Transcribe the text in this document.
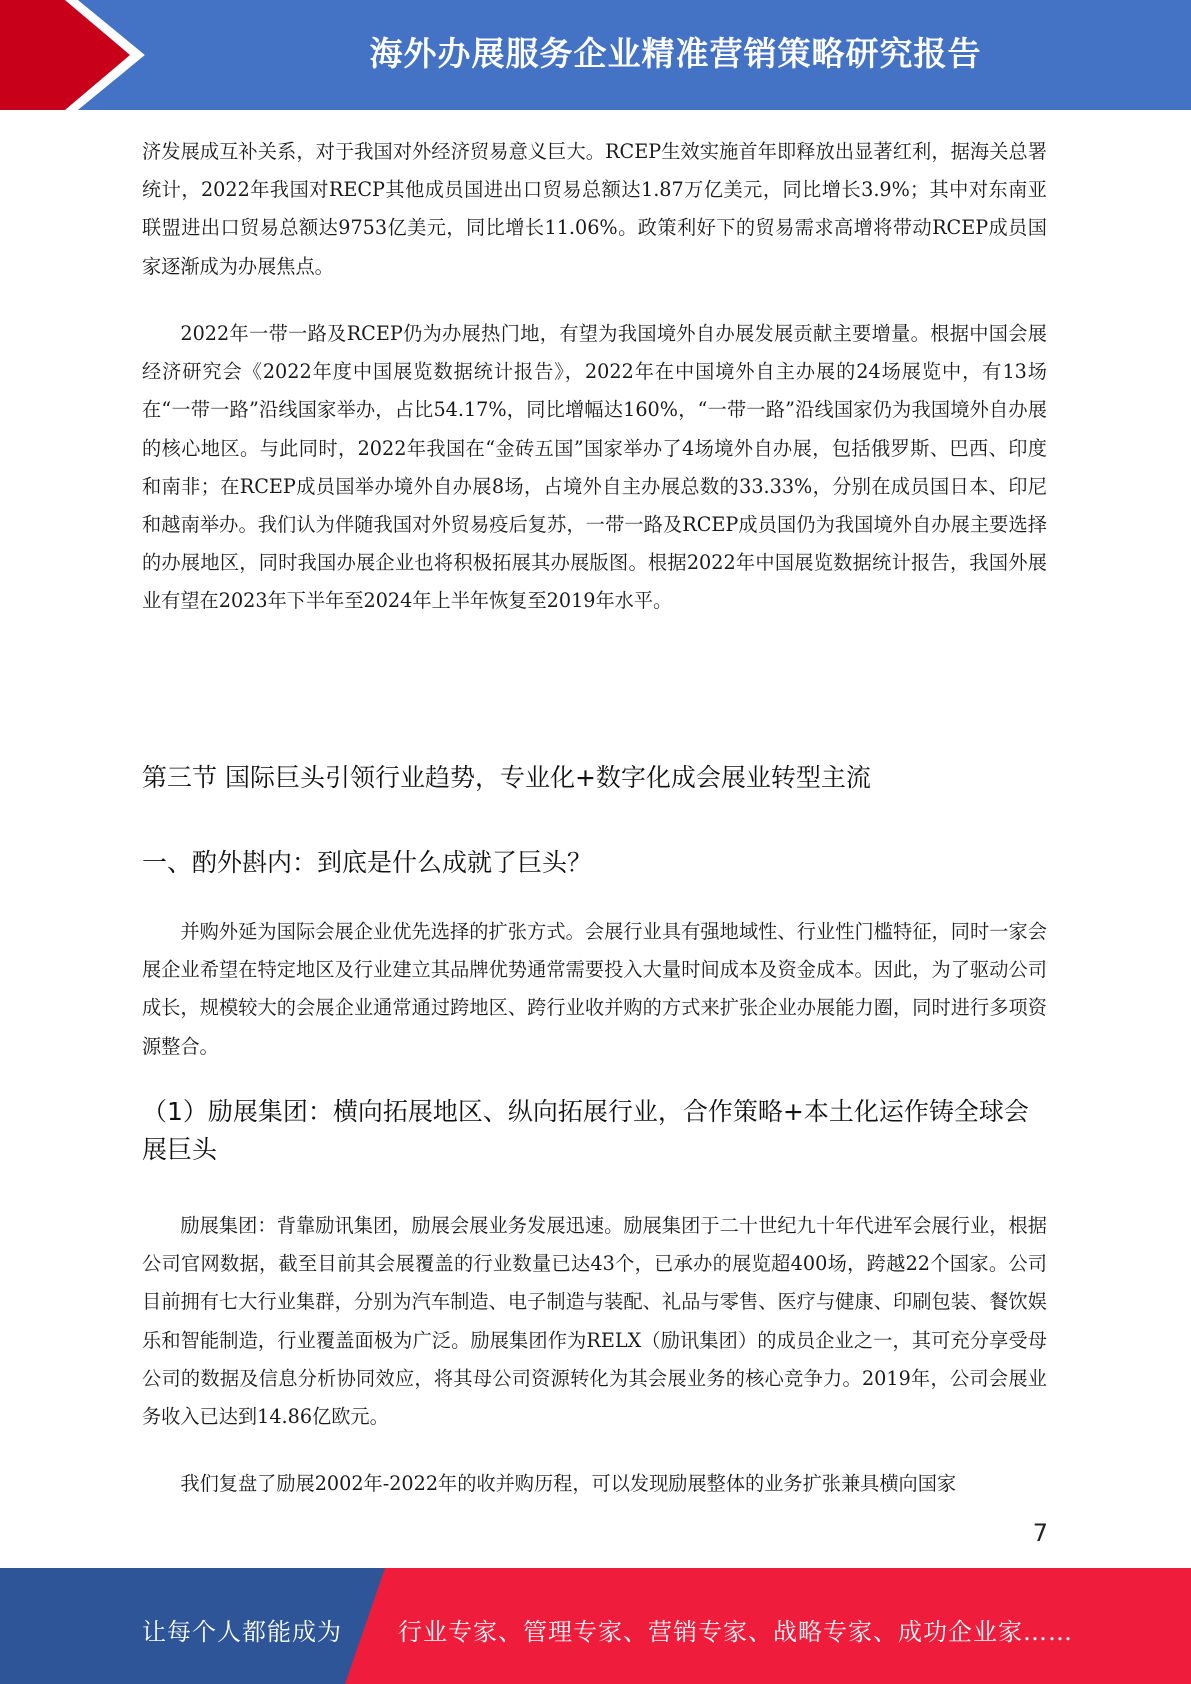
海外办展服务企业精准营销策略研究报告

济发展成互补关系，对于我国对外经济贸易意义巨大。RCEP生效实施首年即释放出显著红利，据海关总署统计，2022年我国对RECP其他成员国进出口贸易总额达1.87万亿美元，同比增长3.9%；其中对东南亚联盟进出口贸易总额达9753亿美元，同比增长11.06%。政策利好下的贸易需求高增将带动RCEP成员国家逐渐成为办展焦点。

2022年一带一路及RCEP仍为办展热门地，有望为我国境外自办展发展贡献主要增量。根据中国会展经济研究会《2022年度中国展览数据统计报告》，2022年在中国境外自主办展的24场展览中，有13场在“一带一路”沿线国家举办，占比54.17%，同比增幅达160%，“一带一路”沿线国家仍为我国境外自办展的核心地区。与此同时，2022年我国在“金砖五国”国家举办了4场境外自办展，包括俄罗斯、巴西、印度和南非；在RCEP成员国举办境外自办展8场，占境外自主办展总数的33.33%，分别在成员国日本、印尼和越南举办。我们认为伴随我国对外贸易疫后复苏，一带一路及RCEP成员国仍为我国境外自办展主要选择的办展地区，同时我国办展企业也将积极拓展其办展版图。根据2022年中国展览数据统计报告，我国外展业有望在2023年下半年至2024年上半年恢复至2019年水平。

第三节 国际巨头引领行业趋势，专业化+数字化成会展业转型主流
一、酌外斟内：到底是什么成就了巨头？

并购外延为国际会展企业优先选择的扩张方式。会展行业具有强地域性、行业性门槛特征，同时一家会展企业希望在特定地区及行业建立其品牌优势通常需要投入大量时间成本及资金成本。因此，为了驱动公司成长，规模较大的会展企业通常通过跨地区、跨行业收并购的方式来扩张企业办展能力圈，同时进行多项资源整合。

（1）励展集团：横向拓展地区、纵向拓展行业，合作策略+本土化运作铸全球会展巨头

励展集团：背靠励讯集团，励展会展业务发展迅速。励展集团于二十世纪九十年代进军会展行业，根据公司官网数据，截至目前其会展覆盖的行业数量已达43个，已承办的展览超400场，跨越22个国家。公司目前拥有七大行业集群，分别为汽车制造、电子制造与装配、礼品与零售、医疗与健康、印刷包装、餐饮娱乐和智能制造，行业覆盖面极为广泛。励展集团作为RELX（励讯集团）的成员企业之一，其可充分享受母公司的数据及信息分析协同效应，将其母公司资源转化为其会展业务的核心竞争力。2019年，公司会展业务收入已达到14.86亿欧元。

我们复盘了励展2002年-2022年的收并购历程，可以发现励展整体的业务扩张兼具横向国家

7
让每个人都能成为 行业专家、管理专家、营销专家、战略专家、成功企业家……
